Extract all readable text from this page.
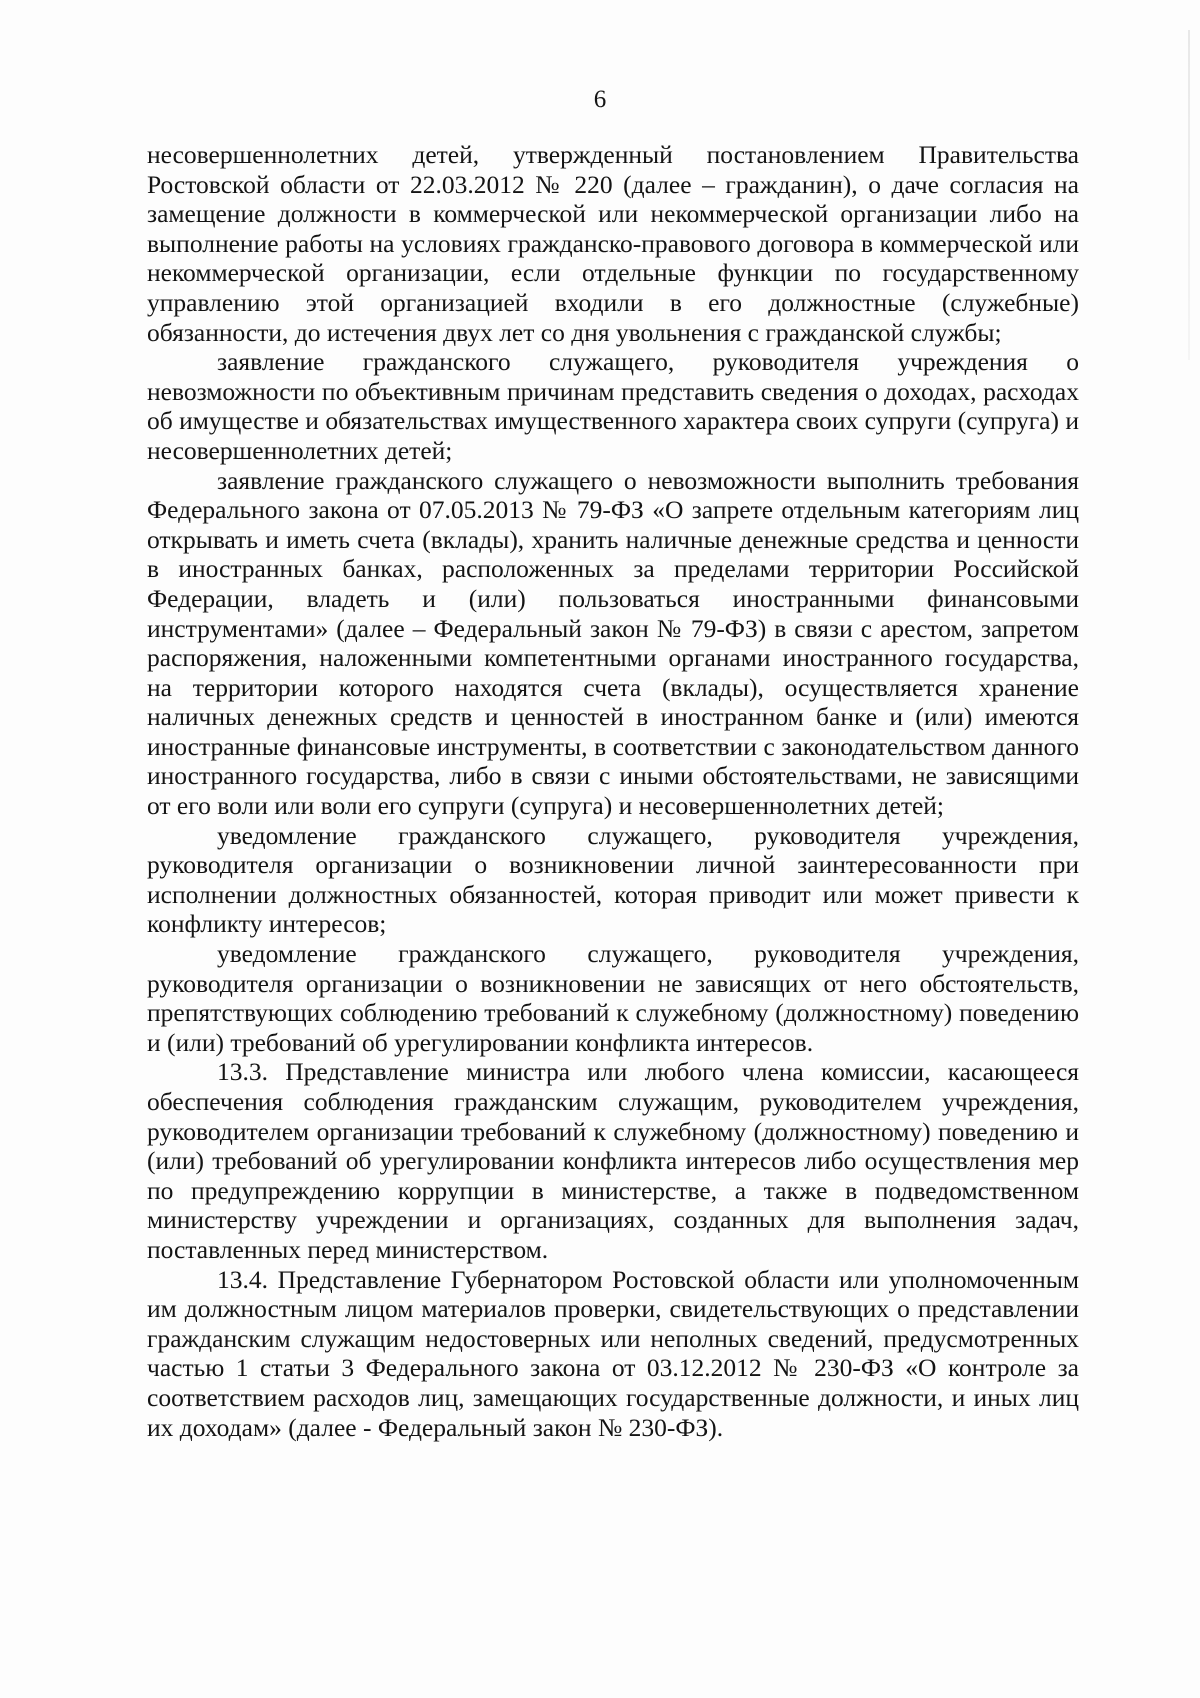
6

несовершеннолетних детей, утвержденный постановлением Правительства Ростовской области от 22.03.2012 № 220 (далее – гражданин), о даче согласия на замещение должности в коммерческой или некоммерческой организации либо на выполнение работы на условиях гражданско-правового договора в коммерческой или некоммерческой организации, если отдельные функции по государственному управлению этой организацией входили в его должностные (служебные) обязанности, до истечения двух лет со дня увольнения с гражданской службы;

заявление гражданского служащего, руководителя учреждения о невозможности по объективным причинам представить сведения о доходах, расходах об имуществе и обязательствах имущественного характера своих супруги (супруга) и несовершеннолетних детей;

заявление гражданского служащего о невозможности выполнить требования Федерального закона от 07.05.2013 № 79-ФЗ «О запрете отдельным категориям лиц открывать и иметь счета (вклады), хранить наличные денежные средства и ценности в иностранных банках, расположенных за пределами территории Российской Федерации, владеть и (или) пользоваться иностранными финансовыми инструментами» (далее – Федеральный закон № 79-ФЗ) в связи с арестом, запретом распоряжения, наложенными компетентными органами иностранного государства, на территории которого находятся счета (вклады), осуществляется хранение наличных денежных средств и ценностей в иностранном банке и (или) имеются иностранные финансовые инструменты, в соответствии с законодательством данного иностранного государства, либо в связи с иными обстоятельствами, не зависящими от его воли или воли его супруги (супруга) и несовершеннолетних детей;

уведомление гражданского служащего, руководителя учреждения, руководителя организации о возникновении личной заинтересованности при исполнении должностных обязанностей, которая приводит или может привести к конфликту интересов;

уведомление гражданского служащего, руководителя учреждения, руководителя организации о возникновении не зависящих от него обстоятельств, препятствующих соблюдению требований к служебному (должностному) поведению и (или) требований об урегулировании конфликта интересов.

13.3. Представление министра или любого члена комиссии, касающееся обеспечения соблюдения гражданским служащим, руководителем учреждения, руководителем организации требований к служебному (должностному) поведению и (или) требований об урегулировании конфликта интересов либо осуществления мер по предупреждению коррупции в министерстве, а также в подведомственном министерству учреждении и организациях, созданных для выполнения задач, поставленных перед министерством.

13.4. Представление Губернатором Ростовской области или уполномоченным им должностным лицом материалов проверки, свидетельствующих о представлении гражданским служащим недостоверных или неполных сведений, предусмотренных частью 1 статьи 3 Федерального закона от 03.12.2012 № 230-ФЗ «О контроле за соответствием расходов лиц, замещающих государственные должности, и иных лиц их доходам» (далее - Федеральный закон № 230-ФЗ).
